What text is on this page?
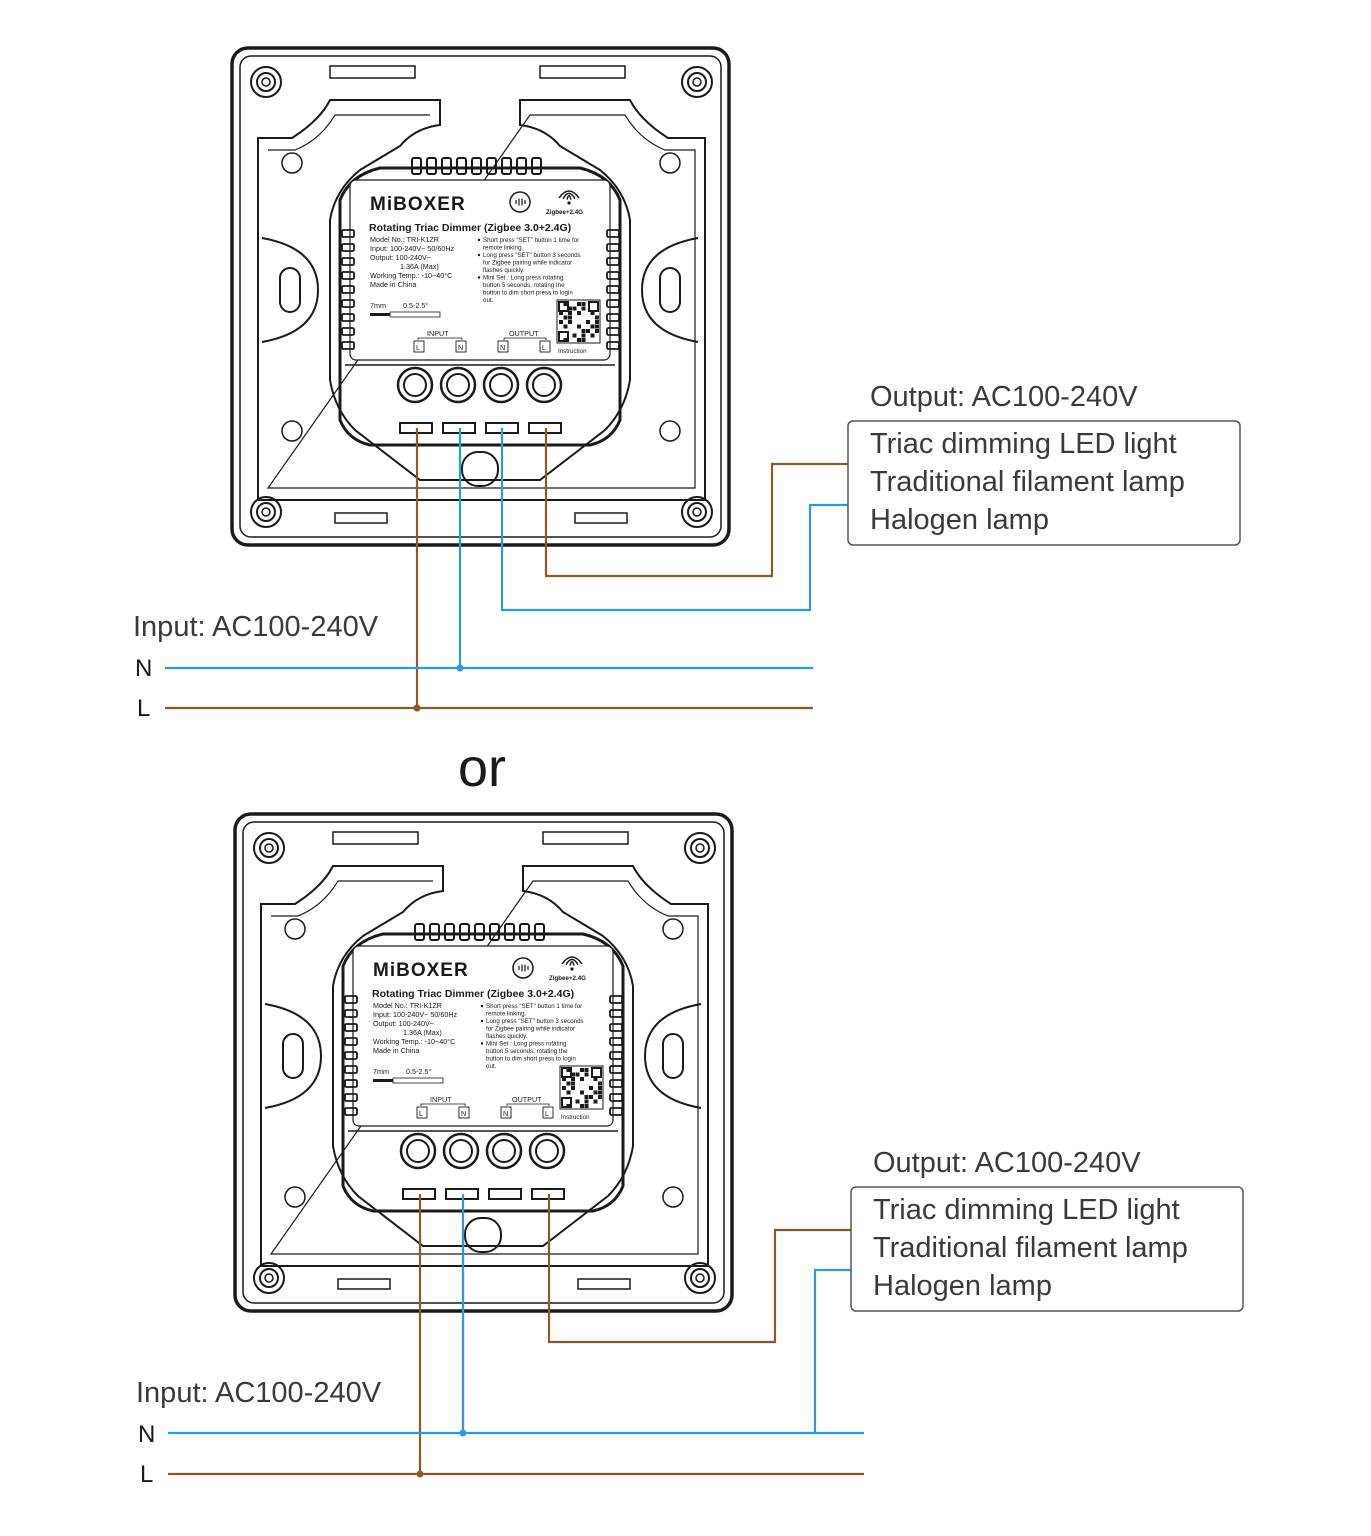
or
MiBOXER	Zigbee+2.4G
Rotating Triac Dimmer (Zigbee 3.0+2.4G)
Model No.: TRI-K1ZR
Input: 100-240V~ 50/60Hz
Output: 100-240V~
1.36A (Max)
Working Temp.: -10~40°C
Made in China
Short press "SET" button 1 time for
remote linking.
Long press "SET" button 3 seconds
for Zigbee pairing while indicator
flashes quickly.
Mini Set : Long press rotating
button 5 seconds, rotating the
button to dim short press to login
out.
7mm 0.5-2.5°
INPUT	OUTPUT
L	N	N	L Instruction
Output: AC100-240V
Triac dimming LED light
Traditional filament lamp
Halogen lamp
Input: AC100-240V
N
L
MiBOXER	Zigbee+2.4G
Rotating Triac Dimmer (Zigbee 3.0+2.4G)
Model No.: TRI-K1ZR
Input: 100-240V~ 50/60Hz
Output: 100-240V~
1.36A (Max)
Working Temp.: -10~40°C
Made in China
Short press "SET" button 1 time for
remote linking.
Long press "SET" button 3 seconds
for Zigbee pairing while indicator
flashes quickly.
Mini Set : Long press rotating
button 5 seconds, rotating the
button to dim short press to login
out.
7mm 0.5-2.5°
INPUT	OUTPUT
L	N	N	L Instruction
Output: AC100-240V
Triac dimming LED light
Traditional filament lamp
Halogen lamp
Input: AC100-240V
N
L
